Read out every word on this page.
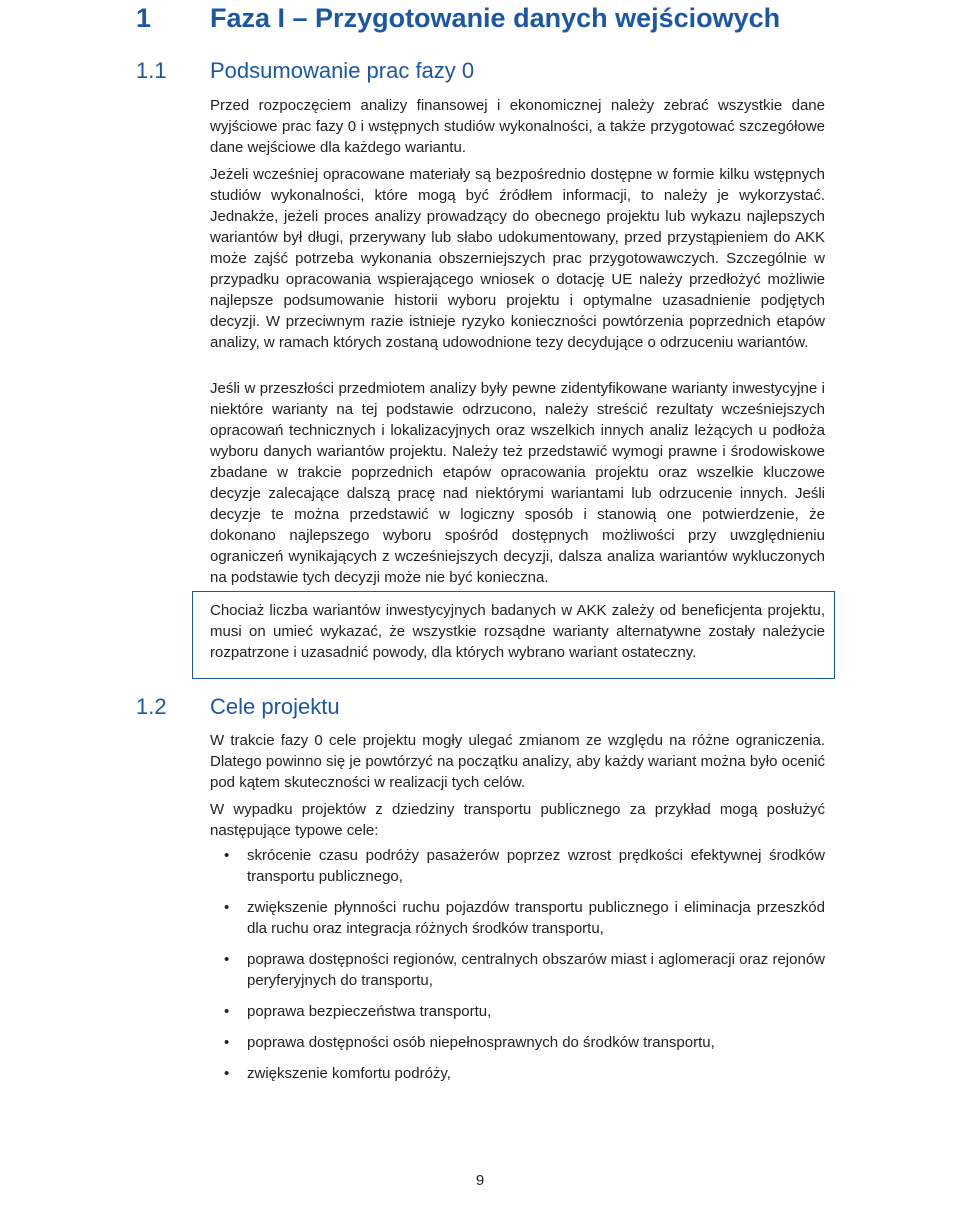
1	Faza I – Przygotowanie danych wejściowych
1.1	Podsumowanie prac fazy 0
Przed rozpoczęciem analizy finansowej i ekonomicznej należy zebrać wszystkie dane wyjściowe prac fazy 0 i wstępnych studiów wykonalności, a także przygotować szczegółowe dane wejściowe dla każdego wariantu.
Jeżeli wcześniej opracowane materiały są bezpośrednio dostępne w formie kilku wstępnych studiów wykonalności, które mogą być źródłem informacji, to należy je wykorzystać. Jednakże, jeżeli proces analizy prowadzący do obecnego projektu lub wykazu najlepszych wariantów był długi, przerywany lub słabo udokumentowany, przed przystąpieniem do AKK może zajść potrzeba wykonania obszerniejszych prac przygotowawczych. Szczególnie w przypadku opracowania wspierającego wniosek o dotację UE należy przedłożyć możliwie najlepsze podsumowanie historii wyboru projektu i optymalne uzasadnienie podjętych decyzji. W przeciwnym razie istnieje ryzyko konieczności powtórzenia poprzednich etapów analizy, w ramach których zostaną udowodnione tezy decydujące o odrzuceniu wariantów.
Jeśli w przeszłości przedmiotem analizy były pewne zidentyfikowane warianty inwestycyjne i niektóre warianty na tej podstawie odrzucono, należy streścić rezultaty wcześniejszych opracowań technicznych i lokalizacyjnych oraz wszelkich innych analiz leżących u podłoża wyboru danych wariantów projektu. Należy też przedstawić wymogi prawne i środowiskowe zbadane w trakcie poprzednich etapów opracowania projektu oraz wszelkie kluczowe decyzje zalecające dalszą pracę nad niektórymi wariantami lub odrzucenie innych. Jeśli decyzje te można przedstawić w logiczny sposób i stanowią one potwierdzenie, że dokonano najlepszego wyboru spośród dostępnych możliwości przy uwzględnieniu ograniczeń wynikających z wcześniejszych decyzji, dalsza analiza wariantów wykluczonych na podstawie tych decyzji może nie być konieczna.
Chociaż liczba wariantów inwestycyjnych badanych w AKK zależy od beneficjenta projektu, musi on umieć wykazać, że wszystkie rozsądne warianty alternatywne zostały należycie rozpatrzone i uzasadnić powody, dla których wybrano wariant ostateczny.
1.2	Cele projektu
W trakcie fazy 0 cele projektu mogły ulegać zmianom ze względu na różne ograniczenia. Dlatego powinno się je powtórzyć na początku analizy, aby każdy wariant można było ocenić pod kątem skuteczności w realizacji tych celów.
W wypadku projektów z dziedziny transportu publicznego za przykład mogą posłużyć następujące typowe cele:
• skrócenie czasu podróży pasażerów poprzez wzrost prędkości efektywnej środków transportu publicznego,
• zwiększenie płynności ruchu pojazdów transportu publicznego i eliminacja przeszkód dla ruchu oraz integracja różnych środków transportu,
• poprawa dostępności regionów, centralnych obszarów miast i aglomeracji oraz rejonów peryferyjnych do transportu,
• poprawa bezpieczeństwa transportu,
• poprawa dostępności osób niepełnosprawnych do środków transportu,
• zwiększenie komfortu podróży,
9
